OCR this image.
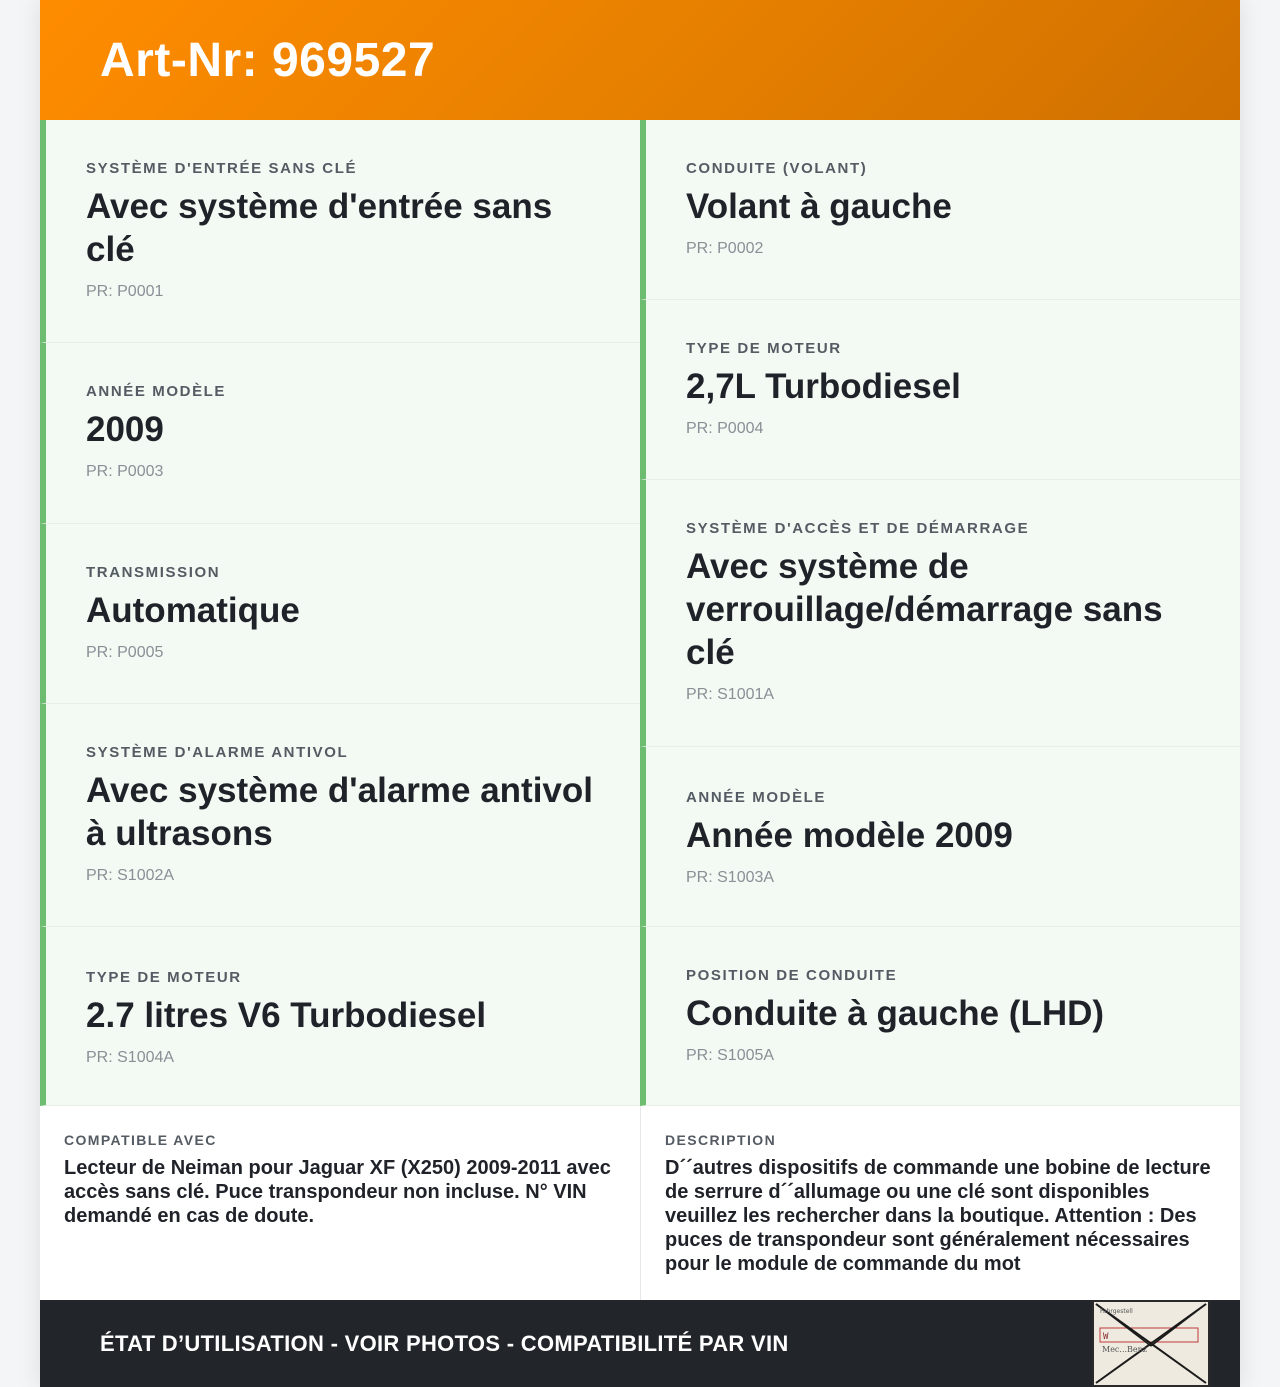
Art-Nr: 969527
SYSTÈME D'ENTRÉE SANS CLÉ
Avec système d'entrée sans clé
PR: P0001
ANNÉE MODÈLE
2009
PR: P0003
TRANSMISSION
Automatique
PR: P0005
SYSTÈME D'ALARME ANTIVOL
Avec système d'alarme antivol à ultrasons
PR: S1002A
TYPE DE MOTEUR
2.7 litres V6 Turbodiesel
PR: S1004A
CONDUITE (VOLANT)
Volant à gauche
PR: P0002
TYPE DE MOTEUR
2,7L Turbodiesel
PR: P0004
SYSTÈME D'ACCÈS ET DE DÉMARRAGE
Avec système de verrouillage/démarrage sans clé
PR: S1001A
ANNÉE MODÈLE
Année modèle 2009
PR: S1003A
POSITION DE CONDUITE
Conduite à gauche (LHD)
PR: S1005A
COMPATIBLE AVEC
Lecteur de Neiman pour Jaguar XF (X250) 2009-2011 avec accès sans clé. Puce transpondeur non incluse. N° VIN demandé en cas de doute.
DESCRIPTION
D´´autres dispositifs de commande une bobine de lecture de serrure d´´allumage ou une clé sont disponibles veuillez les rechercher dans la boutique. Attention : Des puces de transpondeur sont généralement nécessaires pour le module de commande du mot
ÉTAT D’UTILISATION - VOIR PHOTOS - COMPATIBILITÉ PAR VIN
Fahrgestell
W
Mec...Benz
